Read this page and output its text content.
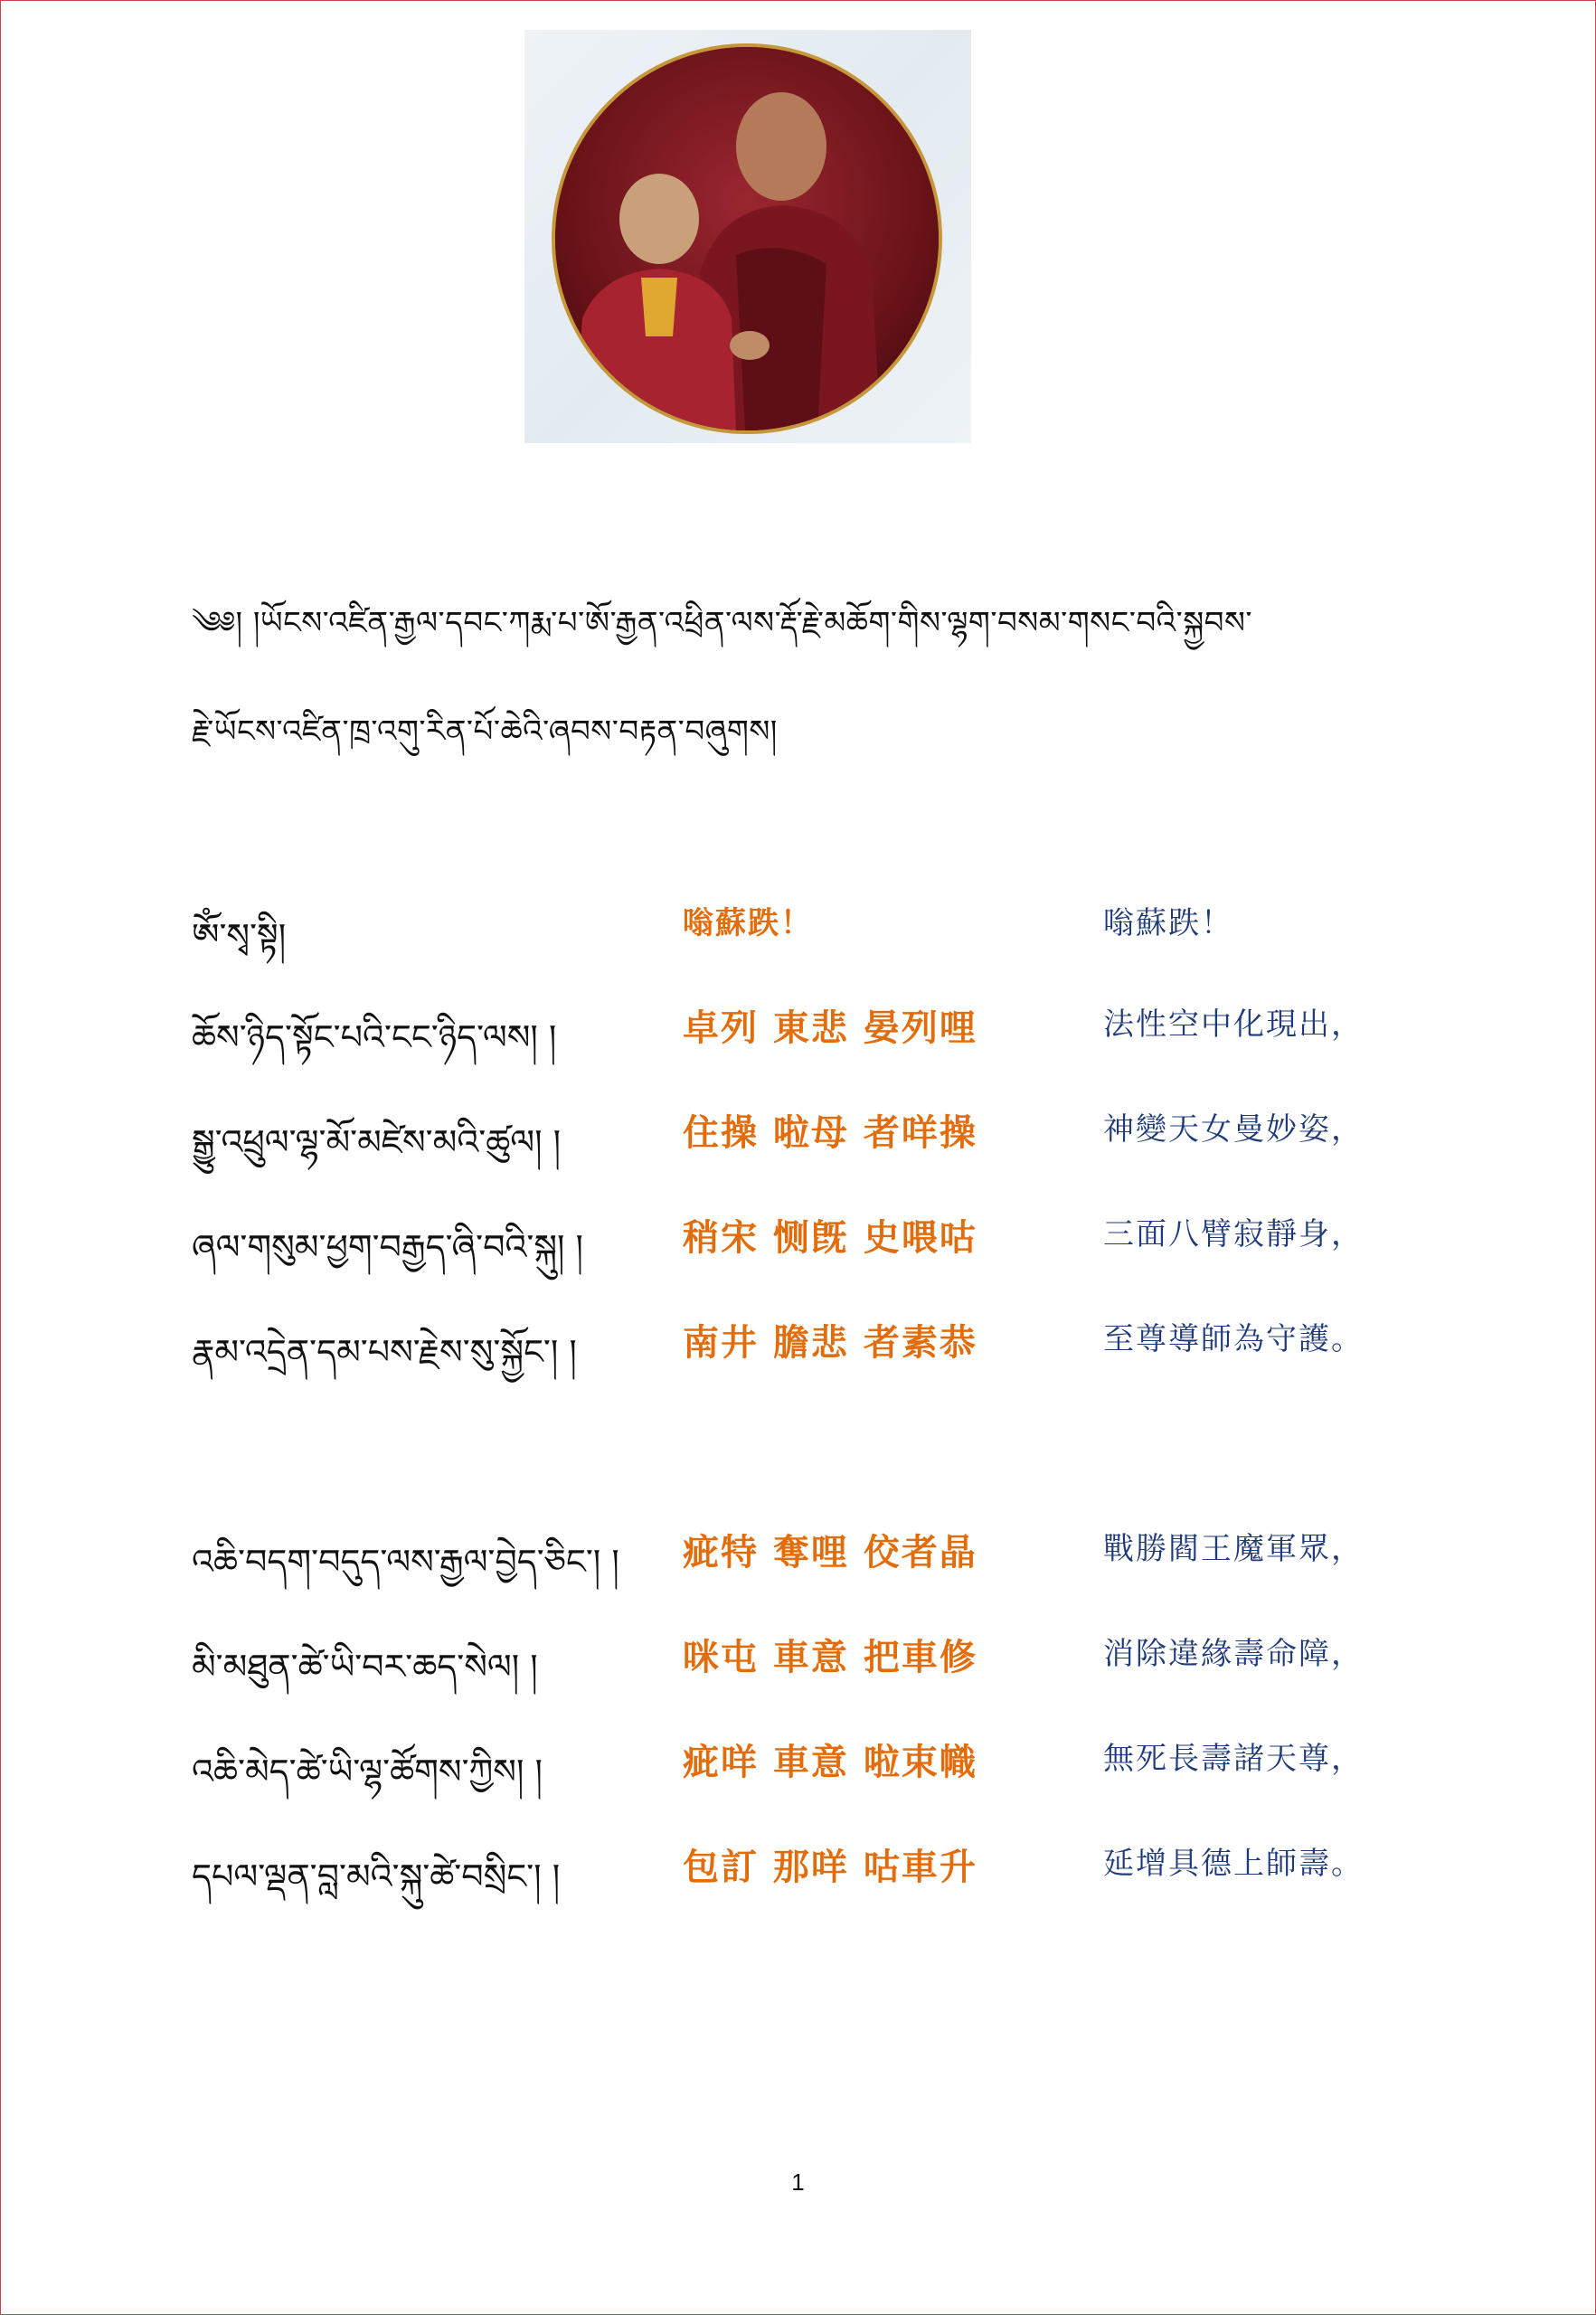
༄༅། །ཡོངས་འཛིན་རྒྱལ་དབང་ཀརྨ་པ་ཨོ་རྒྱན་འཕྲིན་ལས་རྡོ་རྗེ་མཆོག་གིས་ལྷག་བསམ་གསང་བའི་སྐྱབས་
རྗེ་ཡོངས་འཛིན་ཁྲ་འགུ་རིན་པོ་ཆེའི་ཞབས་བརྟན་བཞུགས།
ཨོཾ་སྭ་སྟི།	嗡蘇跌！	嗡蘇跌！
ཆོས་ཉིད་སྟོང་པའི་ངང་ཉིད་ལས། །	卓列 東悲 晏列哩	法性空中化現出，
སྒྱུ་འཕྲུལ་ལྷ་མོ་མཛེས་མའི་ཚུལ། །	住操 啦母 者咩操	神變天女曼妙姿，
ཞལ་གསུམ་ཕྱག་བརྒྱད་ཞི་བའི་སྐུ། །	稍宋 恻旣 史喂咕	三面八臂寂靜身，
རྣམ་འདྲེན་དམ་པས་རྗེས་སུ་སྐྱོང་། །	南井 膽悲 者素恭	至尊導師為守護。
འཆི་བདག་བདུད་ལས་རྒྱལ་བྱེད་ཅིང་། ། 疵特 奪哩 佼者晶	戰勝閻王魔軍眾，
མི་མཐུན་ཚེ་ཡི་བར་ཆད་སེལ། །	咪屯 車意 把車修	消除違緣壽命障，
འཆི་མེད་ཚེ་ཡི་ལྷ་ཚོགས་ཀྱིས། །	疵咩 車意 啦束幟	無死長壽諸天尊，
དཔལ་ལྡན་བླ་མའི་སྐུ་ཚེ་བསྲིང་། །	包訂 那咩 咕車升	延增具德上師壽。
1
